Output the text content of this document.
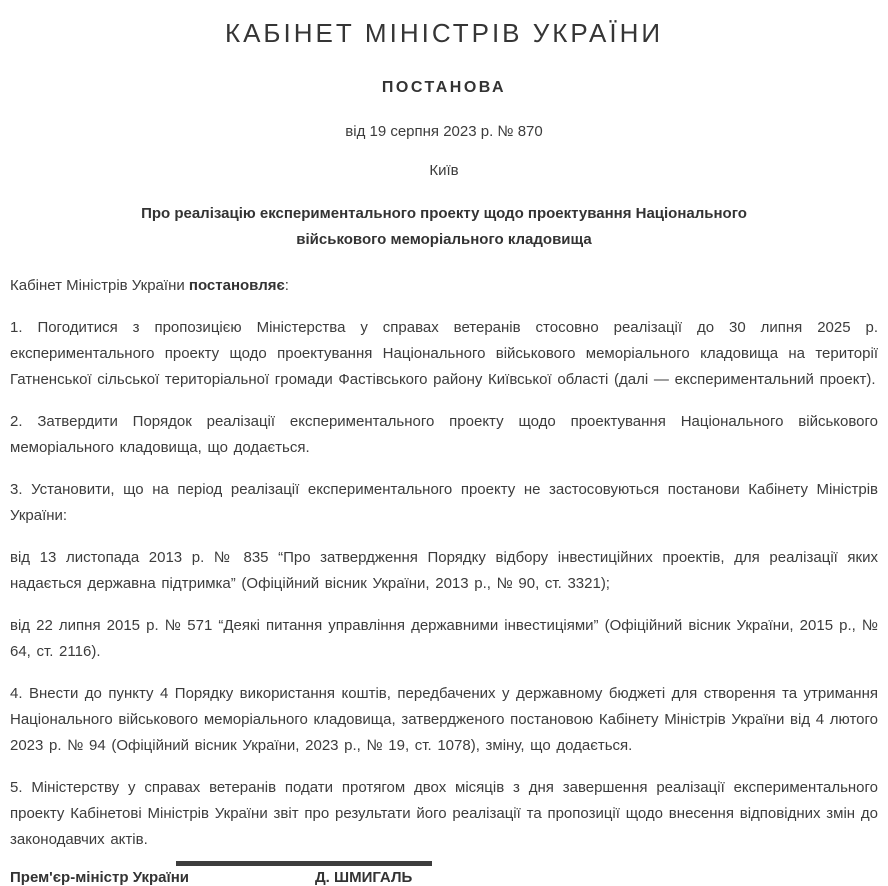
КАБІНЕТ МІНІСТРІВ УКРАЇНИ
ПОСТАНОВА

від 19 серпня 2023 р. № 870

Київ

Про реалізацію експериментального проекту щодо проектування Національного військового меморіального кладовища

Кабінет Міністрів України постановляє:

1. Погодитися з пропозицією Міністерства у справах ветеранів стосовно реалізації до 30 липня 2025 р. експериментального проекту щодо проектування Національного військового меморіального кладовища на території Гатненської сільської територіальної громади Фастівського району Київської області (далі — експериментальний проект).

2. Затвердити Порядок реалізації експериментального проекту щодо проектування Національного військового меморіального кладовища, що додається.

3. Установити, що на період реалізації експериментального проекту не застосовуються постанови Кабінету Міністрів України:

від 13 листопада 2013 р. № 835 “Про затвердження Порядку відбору інвестиційних проектів, для реалізації яких надається державна підтримка” (Офіційний вісник України, 2013 р., № 90, ст. 3321);

від 22 липня 2015 р. № 571 “Деякі питання управління державними інвестиціями” (Офіційний вісник України, 2015 р., № 64, ст. 2116).

4. Внести до пункту 4 Порядку використання коштів, передбачених у державному бюджеті для створення та утримання Національного військового меморіального кладовища, затвердженого постановою Кабінету Міністрів України від 4 лютого 2023 р. № 94 (Офіційний вісник України, 2023 р., № 19, ст. 1078), зміну, що додається.

5. Міністерству у справах ветеранів подати протягом двох місяців з дня завершення реалізації експериментального проекту Кабінетові Міністрів України звіт про результати його реалізації та пропозиції щодо внесення відповідних змін до законодавчих актів.

Прем'єр-міністр України	Д. ШМИГАЛЬ
